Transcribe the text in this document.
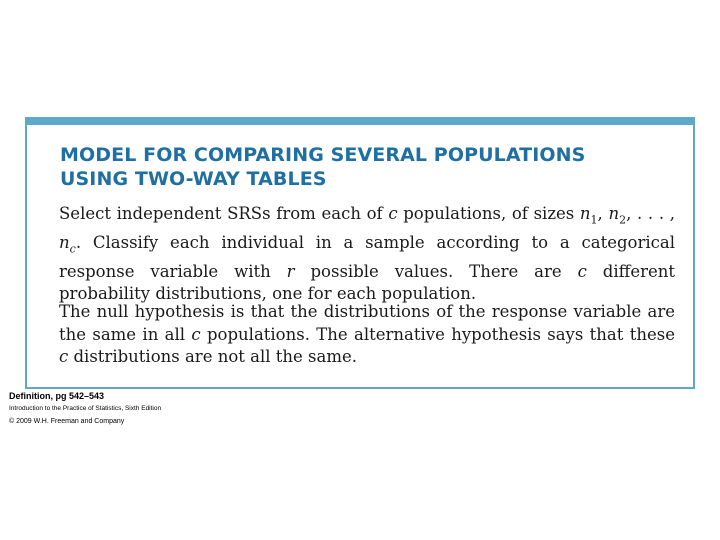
MODEL FOR COMPARING SEVERAL POPULATIONS
USING TWO-WAY TABLES

Select independent SRSs from each of c populations, of sizes $n_1$, $n_2$, . . . , $n_c$. Classify each individual in a sample according to a categorical response variable with r possible values. There are c different probability distributions, one for each population.

The null hypothesis is that the distributions of the response variable are the same in all c populations. The alternative hypothesis says that these c distributions are not all the same.

Definition, pg 542–543

Introduction to the Practice of Statistics, Sixth Edition

© 2009 W.H. Freeman and Company
